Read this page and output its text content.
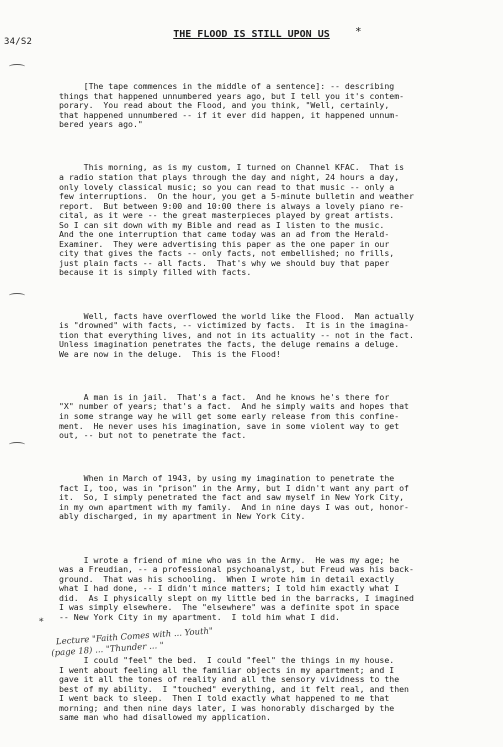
34/S2
THE FLOOD IS STILL UPON US	*

[The tape commences in the middle of a sentence]: -- describing
things that happened unnumbered years ago, but I tell you it's contem-
porary.  You read about the Flood, and you think, "Well, certainly,
that happened unnumbered -- if it ever did happen, it happened unnum-
bered years ago."

This morning, as is my custom, I turned on Channel KFAC.  That is
a radio station that plays through the day and night, 24 hours a day,
only lovely classical music; so you can read to that music -- only a
few interruptions.  On the hour, you get a 5-minute bulletin and weather
report.  But between 9:00 and 10:00 there is always a lovely piano re-
cital, as it were -- the great masterpieces played by great artists.
So I can sit down with my Bible and read as I listen to the music.
And the one interruption that came today was an ad from the Herald-
Examiner.  They were advertising this paper as the one paper in our
city that gives the facts -- only facts, not embellished; no frills,
just plain facts -- all facts.  That's why we should buy that paper
because it is simply filled with facts.

Well, facts have overflowed the world like the Flood.  Man actually
is "drowned" with facts, -- victimized by facts.  It is in the imagina-
tion that everything lives, and not in its actuality -- not in the fact.
Unless imagination penetrates the facts, the deluge remains a deluge.
We are now in the deluge.  This is the Flood!

A man is in jail.  That's a fact.  And he knows he's there for
"X" number of years; that's a fact.  And he simply waits and hopes that
in some strange way he will get some early release from this confine-
ment.  He never uses his imagination, save in some violent way to get
out, -- but not to penetrate the fact.

When in March of 1943, by using my imagination to penetrate the
fact I, too, was in "prison" in the Army, but I didn't want any part of
it.  So, I simply penetrated the fact and saw myself in New York City,
in my own apartment with my family.  And in nine days I was out, honor-
ably discharged, in my apartment in New York City.

I wrote a friend of mine who was in the Army.  He was my age; he
was a Freudian, -- a professional psychoanalyst, but Freud was his back-
ground.  That was his schooling.  When I wrote him in detail exactly
what I had done, -- I didn't mince matters; I told him exactly what I
did.  As I physically slept on my little bed in the barracks, I imagined
I was simply elsewhere.  The "elsewhere" was a definite spot in space
-- New York City in my apartment.  I told him what I did.

I could "feel" the bed.  I could "feel" the things in my house.
I went about feeling all the familiar objects in my apartment; and I
gave it all the tones of reality and all the sensory vividness to the
best of my ability.  I "touched" everything, and it felt real, and then
I went back to sleep.  Then I told exactly what happened to me that
morning; and then nine days later, I was honorably discharged by the
same man who had disallowed my application.

*

Lecture "Faith Comes with ... Youth"
(page 18) ... "Thunder ... "
